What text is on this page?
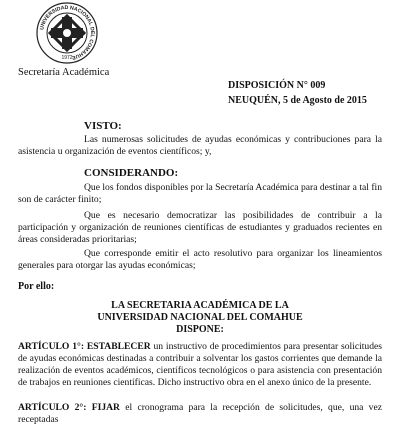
UNIVERSIDAD NACIONAL DEL COMAHUE
1972
Secretaría Académica
DISPOSICIÓN N° 009
NEUQUÉN, 5 de Agosto de 2015
VISTO:
Las numerosas solicitudes de ayudas económicas y contribuciones para la asistencia u organización de eventos científicos; y,
CONSIDERANDO:
Que los fondos disponibles por la Secretaría Académica para destinar a tal fin son de carácter finito;
Que es necesario democratizar las posibilidades de contribuir a la participación y organización de reuniones científicas de estudiantes y graduados recientes en áreas consideradas prioritarias;
Que corresponde emitir el acto resolutivo para organizar los lineamientos generales para otorgar las ayudas económicas;
Por ello:
LA SECRETARIA ACADÉMICA DE LA
UNIVERSIDAD NACIONAL DEL COMAHUE
DISPONE:
ARTÍCULO 1°: ESTABLECER un instructivo de procedimientos para presentar solicitudes de ayudas económicas destinadas a contribuir a solventar los gastos corrientes que demande la realización de eventos académicos, científicos tecnológicos o para asistencia con presentación de trabajos en reuniones científicas. Dicho instructivo obra en el anexo único de la presente.
ARTÍCULO 2°: FIJAR el cronograma para la recepción de solicitudes, que, una vez receptadas
